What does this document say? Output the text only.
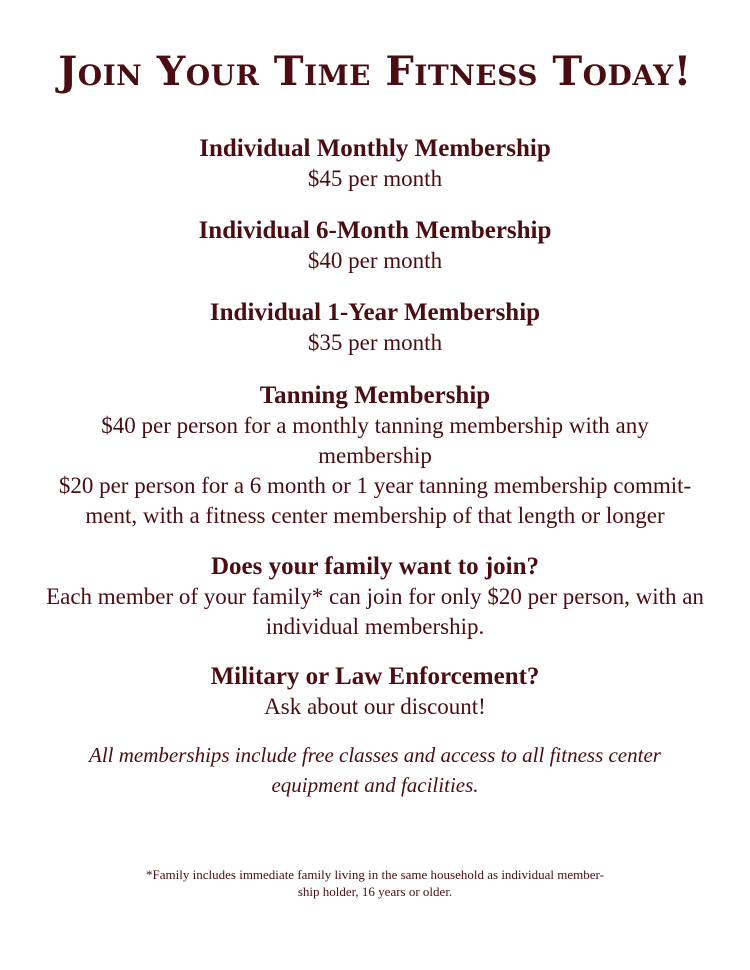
Join Your Time Fitness Today!
Individual Monthly Membership
$45 per month
Individual 6-Month Membership
$40 per month
Individual 1-Year Membership
$35 per month
Tanning Membership
$40 per person for a monthly tanning membership with any
membership
$20 per person for a 6 month or 1 year tanning membership commit-
ment, with a fitness center membership of that length or longer
Does your family want to join?
Each member of your family* can join for only $20 per person, with an
individual membership.
Military or Law Enforcement?
Ask about our discount!
All memberships include free classes and access to all fitness center
equipment and facilities.
*Family includes immediate family living in the same household as individual member-
ship holder, 16 years or older.
